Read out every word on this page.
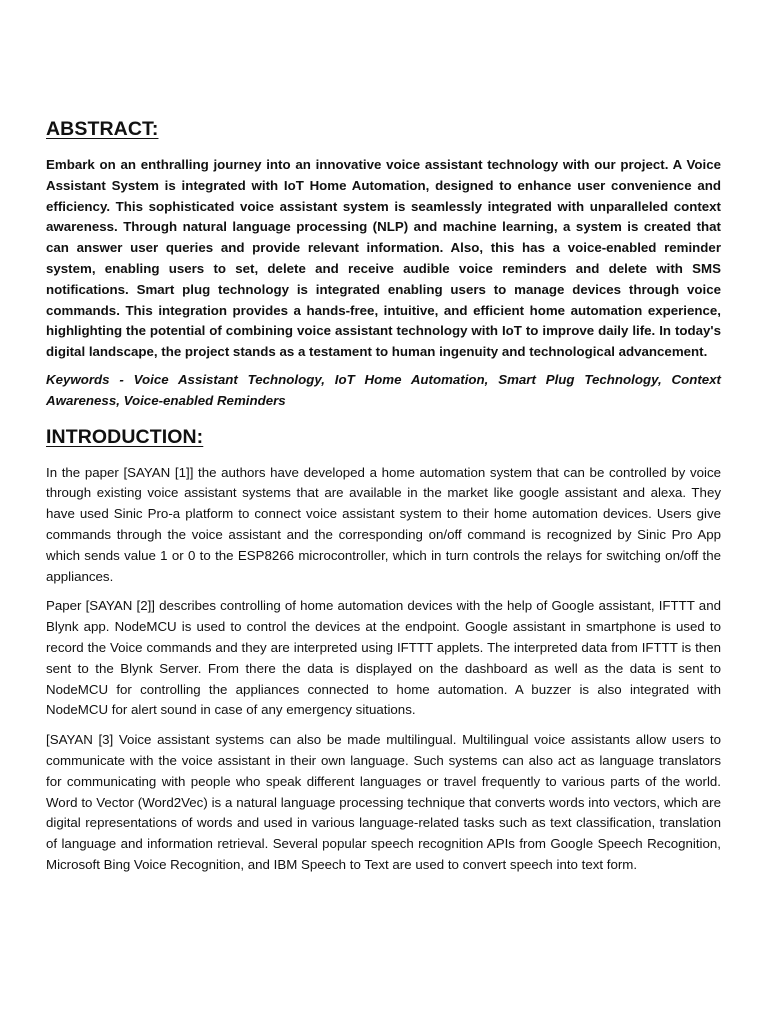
ABSTRACT:

Embark on an enthralling journey into an innovative voice assistant technology with our project. A Voice Assistant System is integrated with IoT Home Automation, designed to enhance user convenience and efficiency. This sophisticated voice assistant system is seamlessly integrated with unparalleled context awareness. Through natural language processing (NLP) and machine learning, a system is created that can answer user queries and provide relevant information. Also, this has a voice-enabled reminder system, enabling users to set, delete and receive audible voice reminders and delete with SMS notifications. Smart plug technology is integrated enabling users to manage devices through voice commands. This integration provides a hands-free, intuitive, and efficient home automation experience, highlighting the potential of combining voice assistant technology with IoT to improve daily life. In today's digital landscape, the project stands as a testament to human ingenuity and technological advancement.

Keywords - Voice Assistant Technology, IoT Home Automation, Smart Plug Technology, Context Awareness, Voice-enabled Reminders

INTRODUCTION:

In the paper [SAYAN [1]] the authors have developed a home automation system that can be controlled by voice through existing voice assistant systems that are available in the market like google assistant and alexa. They have used Sinic Pro-a platform to connect voice assistant system to their home automation devices. Users give commands through the voice assistant and the corresponding on/off command is recognized by Sinic Pro App which sends value 1 or 0 to the ESP8266 microcontroller, which in turn controls the relays for switching on/off the appliances.

Paper [SAYAN [2]] describes controlling of home automation devices with the help of Google assistant, IFTTT and Blynk app. NodeMCU is used to control the devices at the endpoint. Google assistant in smartphone is used to record the Voice commands and they are interpreted using IFTTT applets. The interpreted data from IFTTT is then sent to the Blynk Server. From there the data is displayed on the dashboard as well as the data is sent to NodeMCU for controlling the appliances connected to home automation. A buzzer is also integrated with NodeMCU for alert sound in case of any emergency situations.

[SAYAN [3] Voice assistant systems can also be made multilingual. Multilingual voice assistants allow users to communicate with the voice assistant in their own language. Such systems can also act as language translators for communicating with people who speak different languages or travel frequently to various parts of the world. Word to Vector (Word2Vec) is a natural language processing technique that converts words into vectors, which are digital representations of words and used in various language-related tasks such as text classification, translation of language and information retrieval. Several popular speech recognition APIs from Google Speech Recognition, Microsoft Bing Voice Recognition, and IBM Speech to Text are used to convert speech into text form.
